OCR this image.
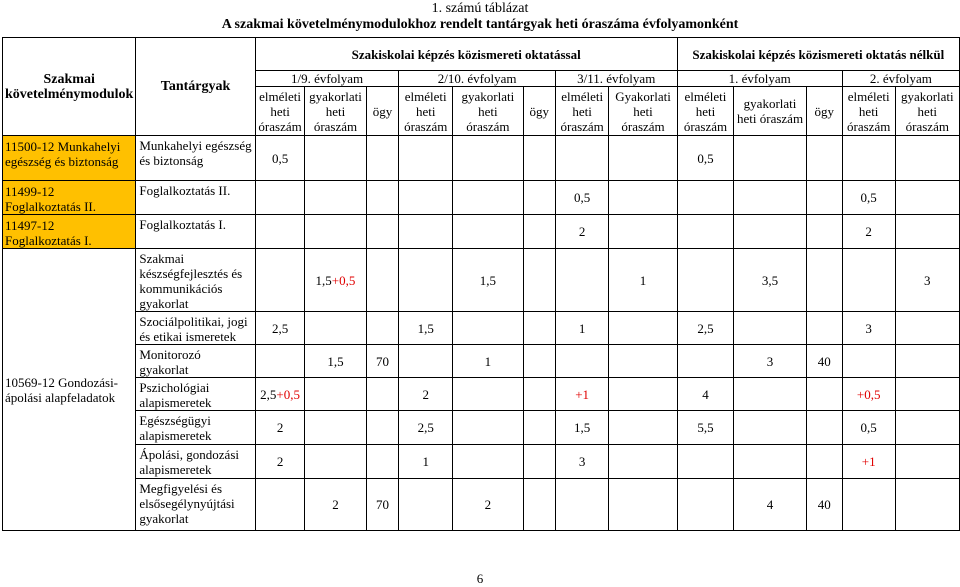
1. számú táblázat
A szakmai követelménymodulokhoz rendelt tantárgyak heti óraszáma évfolyamonként
Szakmai követelménymodulok	Tantárgyak	Szakiskolai képzés közismereti oktatással								Szakiskolai képzés közismereti oktatás nélkül				
		1/9. évfolyam			2/10. évfolyam			3/11. évfolyam		1. évfolyam			2. évfolyam	
		elméleti heti óraszám	gyakorlati heti óraszám	ögy	elméleti heti óraszám	gyakorlati heti óraszám	ögy	elméleti heti óraszám	Gyakorlati heti óraszám	elméleti heti óraszám	gyakorlati heti óraszám	ögy	elméleti heti óraszám	gyakorlati heti óraszám
11500-12 Munkahelyi egészség és biztonság	Munkahelyi egészség és biztonság	0,5								0,5				
11499-12 Foglalkoztatás II.	Foglalkoztatás II.							0,5					0,5	
11497-12 Foglalkoztatás I.	Foglalkoztatás I.							2					2	
10569-12 Gondozási-ápolási alapfeladatok	Szakmai készségfejlesztés és kommunikációs gyakorlat		1,5+0,5			1,5			1		3,5			3
	Szociálpolitikai, jogi és etikai ismeretek	2,5			1,5			1		2,5			3	
	Monitorozó gyakorlat		1,5	70		1					3	40		
	Pszichológiai alapismeretek	2,5+0,5			2			+1		4			+0,5	
	Egészségügyi alapismeretek	2			2,5			1,5		5,5			0,5	
	Ápolási, gondozási alapismeretek	2			1			3					+1	
	Megfigyelési és elsősegélynyújtási gyakorlat		2	70		2					4	40		
6
